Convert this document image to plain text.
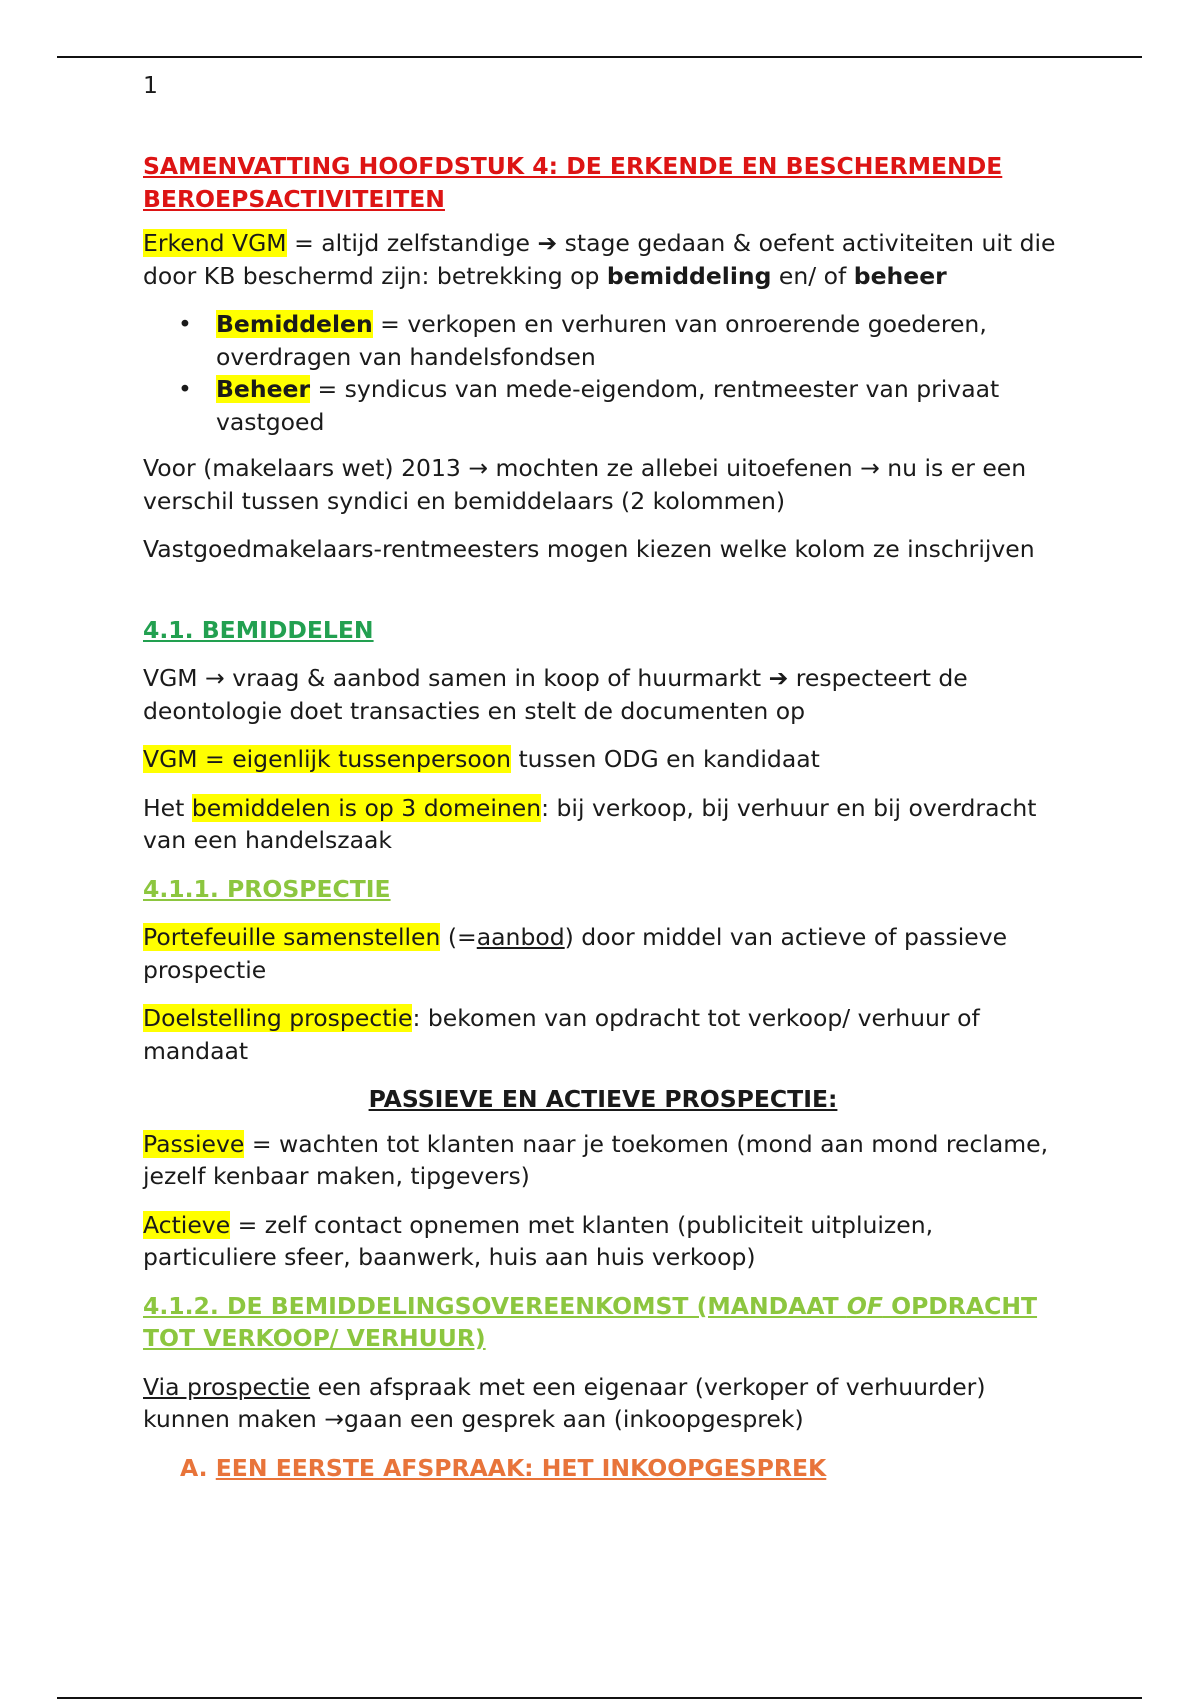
1
SAMENVATTING HOOFDSTUK 4: DE ERKENDE EN BESCHERMENDE BEROEPSACTIVITEITEN

Erkend VGM = altijd zelfstandige ➔ stage gedaan & oefent activiteiten uit die door KB beschermd zijn: betrekking op bemiddeling en/ of beheer

• Bemiddelen = verkopen en verhuren van onroerende goederen, overdragen van handelsfondsen
• Beheer = syndicus van mede-eigendom, rentmeester van privaat vastgoed

Voor (makelaars wet) 2013 → mochten ze allebei uitoefenen → nu is er een verschil tussen syndici en bemiddelaars (2 kolommen)

Vastgoedmakelaars-rentmeesters mogen kiezen welke kolom ze inschrijven

4.1. BEMIDDELEN

VGM → vraag & aanbod samen in koop of huurmarkt ➔ respecteert de deontologie doet transacties en stelt de documenten op

VGM = eigenlijk tussenpersoon tussen ODG en kandidaat

Het bemiddelen is op 3 domeinen: bij verkoop, bij verhuur en bij overdracht van een handelszaak

4.1.1. PROSPECTIE

Portefeuille samenstellen (=aanbod) door middel van actieve of passieve prospectie

Doelstelling prospectie: bekomen van opdracht tot verkoop/ verhuur of mandaat

PASSIEVE EN ACTIEVE PROSPECTIE:

Passieve = wachten tot klanten naar je toekomen (mond aan mond reclame, jezelf kenbaar maken, tipgevers)

Actieve = zelf contact opnemen met klanten (publiciteit uitpluizen, particuliere sfeer, baanwerk, huis aan huis verkoop)

4.1.2. DE BEMIDDELINGSOVEREENKOMST (MANDAAT OF OPDRACHT TOT VERKOOP/ VERHUUR)

Via prospectie een afspraak met een eigenaar (verkoper of verhuurder) kunnen maken →gaan een gesprek aan (inkoopgesprek)

A. EEN EERSTE AFSPRAAK: HET INKOOPGESPREK
